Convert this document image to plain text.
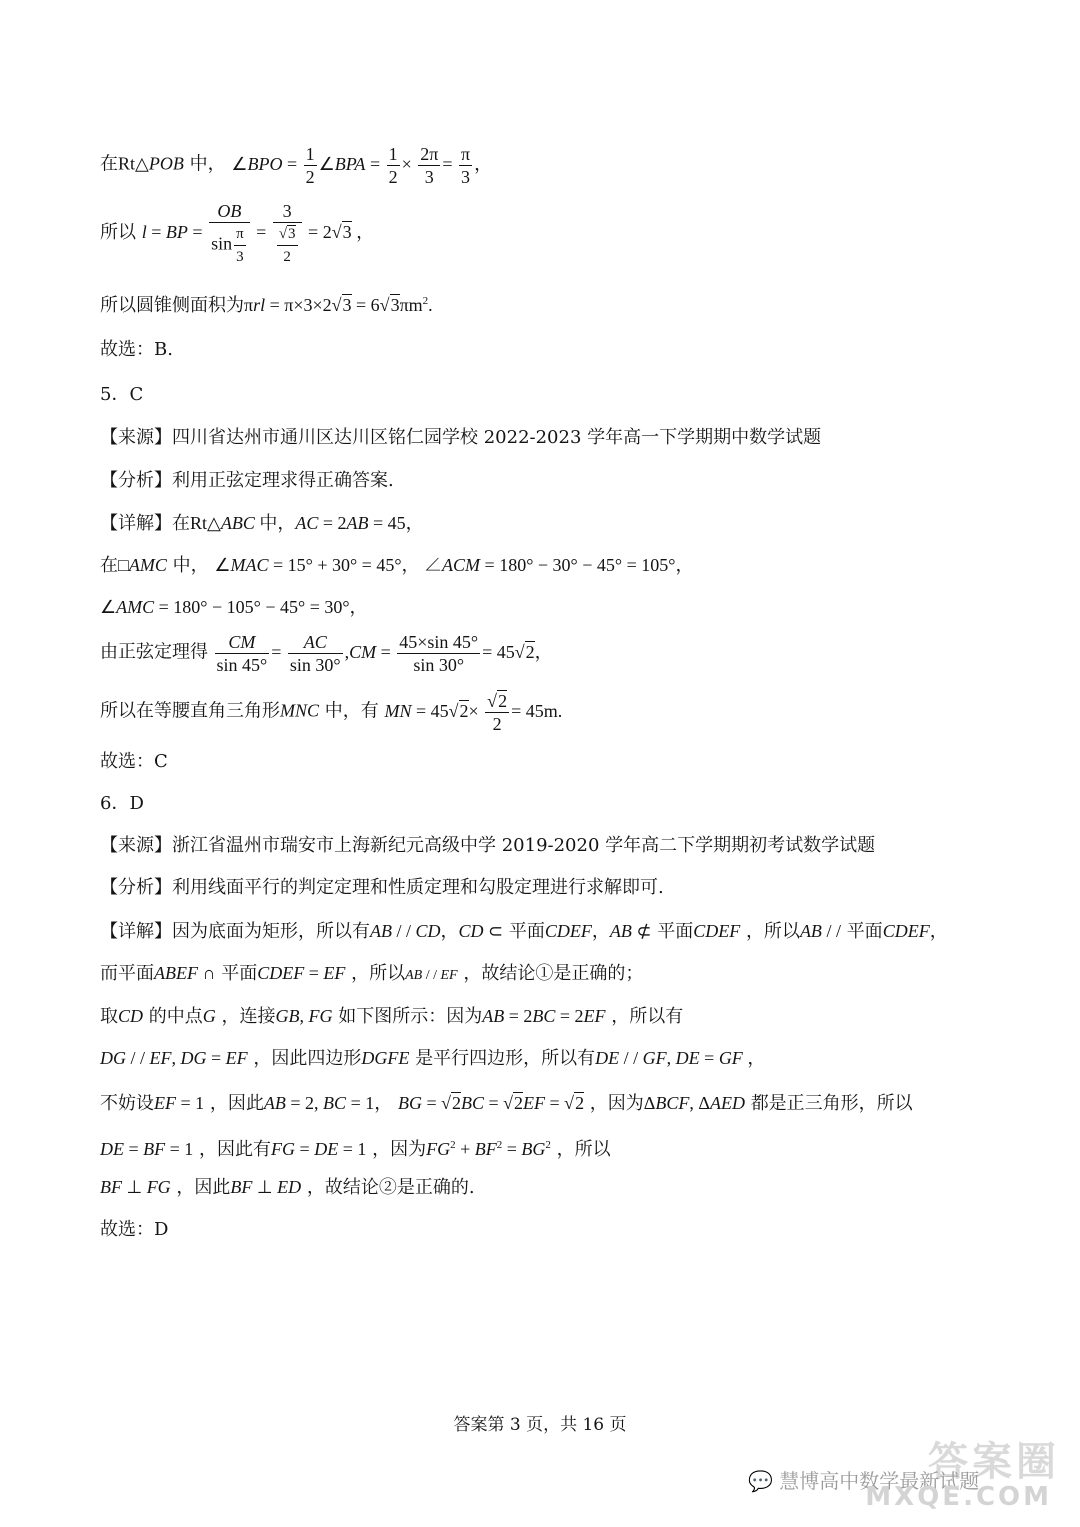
在Rt△POB 中， ∠BPO = $\frac{1}{2}$ ∠BPA = $\frac{1}{2} \times \frac{2\pi}{3} = \frac{\pi}{3}$ ，
所以 l = BP = $\frac{OB}{\sin \frac{\pi}{3}} = \frac{3}{\frac{√3}{2}} = 2√3$ ，
所以圆锥侧面积为$\pi rl = \pi\times 3\times 2√3 = 6√3\pi m^2$.
故选：B.
5．C
【来源】四川省达州市通川区达川区铭仁园学校 2022-2023 学年高一下学期期中数学试题
【分析】利用正弦定理求得正确答案.
【详解】在Rt△ABC 中，AC = 2AB = 45，
在□AMC 中， ∠MAC = 15° + 30° = 45°， ∠ACM = 180° − 30° − 45° = 105°，
∠AMC = 180° − 105° − 45° = 30°，
由正弦定理得 $\frac{CM}{\sin 45^\circ} = \frac{AC}{\sin 30^\circ} ,CM = \frac{45\times\sin 45^\circ}{\sin 30^\circ} = 45√2$，
所以在等腰直角三角形MNC 中，有 MN = $45√2\times \frac{√2}{2} = 45m$.
故选：C
6．D
【来源】浙江省温州市瑞安市上海新纪元高级中学 2019-2020 学年高二下学期期初考试数学试题
【分析】利用线面平行的判定定理和性质定理和勾股定理进行求解即可.
【详解】因为底面为矩形，所以有AB / / CD，CD ⊂ 平面CDEF，AB ⊄ 平面CDEF ，所以AB / / 平面CDEF，
而平面ABEF ∩ 平面CDEF = EF ，所以AB / / EF ，故结论①是正确的；
取CD 的中点G ，连接GB, FG 如下图所示：因为AB = 2BC = 2EF ，所以有
DG / / EF, DG = EF ，因此四边形DGFE 是平行四边形，所以有DE / / GF, DE = GF ，
不妨设EF = 1 ，因此AB = 2, BC = 1， BG = √2BC = √2EF = √2 ，因为ΔBCF, ΔAED 都是正三角形，所以
DE = BF = 1 ，因此有FG = DE = 1 ，因为$FG^2 + BF^2 = BG^2$ ，所以
BF ⊥ FG ，因此BF ⊥ ED ，故结论②是正确的.
故选：D
答案第 3 页，共 16 页
答案圈
💬 慧博高中数学最新试题
MXQE.COM
